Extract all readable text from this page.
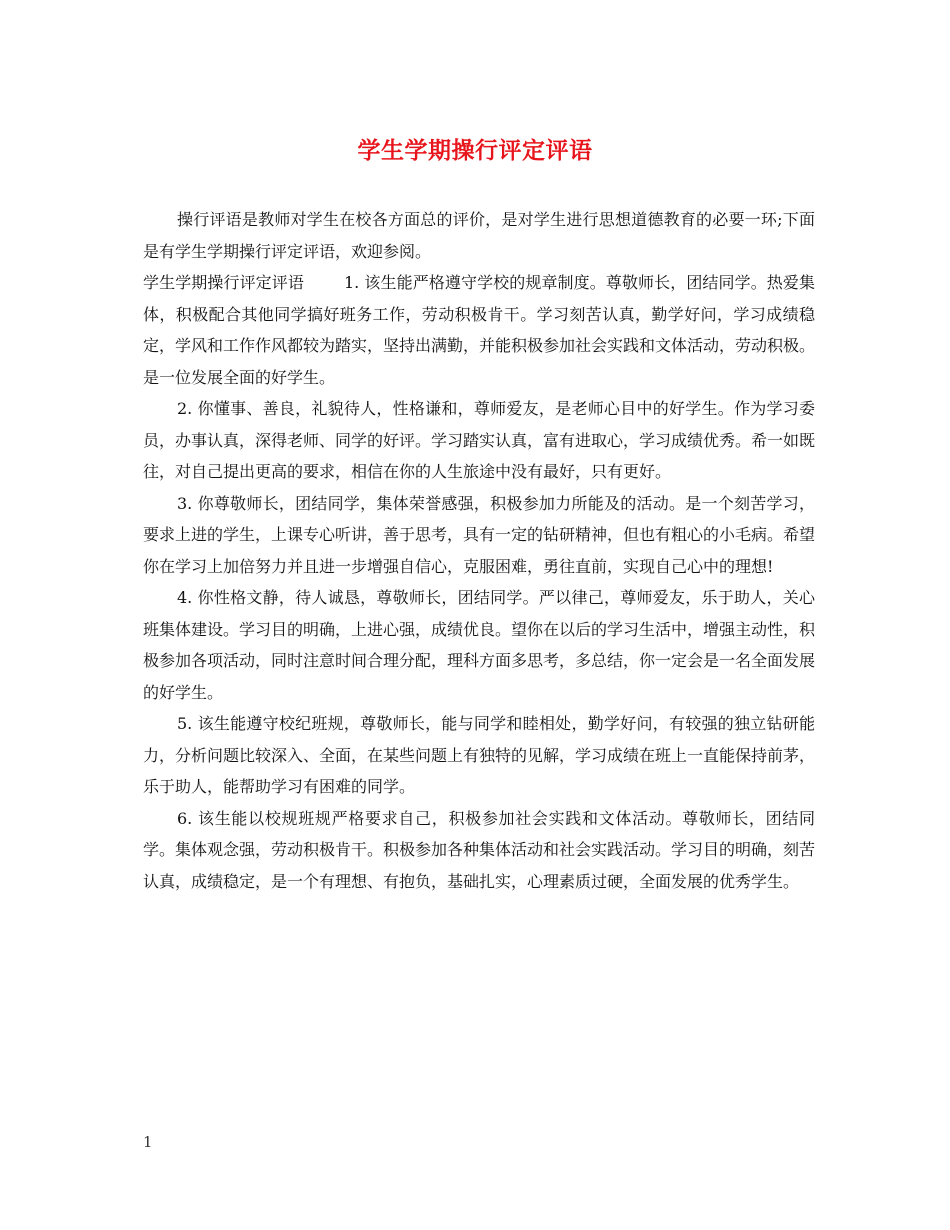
学生学期操行评定评语

操行评语是教师对学生在校各方面总的评价，是对学生进行思想道德教育的必要一环;下面是有学生学期操行评定评语，欢迎参阅。

学生学期操行评定评语	1. 该生能严格遵守学校的规章制度。尊敬师长，团结同学。热爱集体，积极配合其他同学搞好班务工作，劳动积极肯干。学习刻苦认真，勤学好问，学习成绩稳定，学风和工作作风都较为踏实，坚持出满勤，并能积极参加社会实践和文体活动，劳动积极。是一位发展全面的好学生。

2. 你懂事、善良，礼貌待人，性格谦和，尊师爱友，是老师心目中的好学生。作为学习委员，办事认真，深得老师、同学的好评。学习踏实认真，富有进取心，学习成绩优秀。希一如既往，对自己提出更高的要求，相信在你的人生旅途中没有最好，只有更好。

3. 你尊敬师长，团结同学，集体荣誉感强，积极参加力所能及的活动。是一个刻苦学习，要求上进的学生，上课专心听讲，善于思考，具有一定的钻研精神，但也有粗心的小毛病。希望你在学习上加倍努力并且进一步增强自信心，克服困难，勇往直前，实现自己心中的理想!

4. 你性格文静，待人诚恳，尊敬师长，团结同学。严以律己，尊师爱友，乐于助人，关心班集体建设。学习目的明确，上进心强，成绩优良。望你在以后的学习生活中，增强主动性，积极参加各项活动，同时注意时间合理分配，理科方面多思考，多总结，你一定会是一名全面发展的好学生。

5. 该生能遵守校纪班规，尊敬师长，能与同学和睦相处，勤学好问，有较强的独立钻研能力，分析问题比较深入、全面，在某些问题上有独特的见解，学习成绩在班上一直能保持前茅，乐于助人，能帮助学习有困难的同学。

6. 该生能以校规班规严格要求自己，积极参加社会实践和文体活动。尊敬师长，团结同学。集体观念强，劳动积极肯干。积极参加各种集体活动和社会实践活动。学习目的明确，刻苦认真，成绩稳定，是一个有理想、有抱负，基础扎实，心理素质过硬，全面发展的优秀学生。

1
